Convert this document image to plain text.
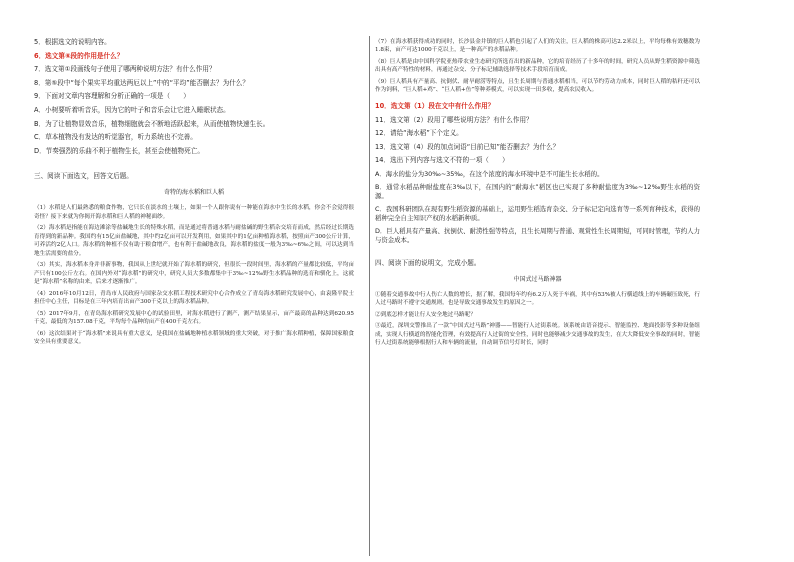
5．根据选文的说明内容。
6．选文第⑥段的作用是什么？
7．选文第①段画线句子使用了哪两种说明方法？有什么作用？
8．第⑤段中“每个果实平均重达两厄以上”中的“平均”能否删去？为什么？
9．下面对文章内容理解和分析正确的一项是（　　）
A．小树要听着听音乐，因为它的叶子和音乐会让它进入睡眠状态。
B．为了让植物显效音乐，植物细胞就会不断地活跃起来，从而使植物快速生长。
C．草本植物没有发达的听觉器官，听力系统也不完善。
D．节奏强烈的乐曲不利于植物生长，甚至会使植物死亡。
三、阅读下面选文，回答文后题。
奇特的海水稻和巨人稻

（1）水稻是人们最熟悉的粮食作物，它只长在淡水的土壤上，如果一个人跟你说有一种能在海水中生长的水稻，你会不会觉得很奇怪？接下来就为你揭开海水稻和巨人稻的神秘面纱。

（2）海水稻是指能在海边滩涂等盐碱地生长的特殊水稻，而是通过将普通水稻与耐盐碱的野生稻杂交培育而成，然后经过长期选育得到的新品种。我国约有15亿亩盐碱地，其中约2亿亩可以开发利用，如果其中的1亿亩种植海水稻，按照亩产300公斤计算，可养活约2亿人口。海水稻的种植不仅有助于粮食增产，也有利于盐碱地改良，海水稻的盐度一般为3‰~6‰之间，可以达到当地生活需要的盐分。

（3）其实，海水稻本身并非新事物，我国从上世纪就开始了海水稻的研究，但很长一段时间里，海水稻的产量都比较低，平均亩产只有100公斤左右。在国内外对“海水稻”的研究中，研究人员大多数都集中于3‰~12‰野生水稻品种的选育和驯化上，这就是“海水稻”名称的由来，后来才逐渐推广。

（4）2016年10月12日，青岛市人民政府与国家杂交水稻工程技术研究中心合作成立了青岛海水稻研究发展中心，由袁隆平院士担任中心主任，目标是在三年内培育出亩产300千克以上的海水稻品种。

（5）2017年9月，在青岛海水稻研究发展中心的试验田里，对海水稻进行了测产，测产结果显示，亩产最高的品种达到620.95千克，最低的为157.08千克，平均每个品种的亩产在400千克左右。

（6）这次结果对于“海水稻”来说具有重大意义，是我国在盐碱地种植水稻领域的重大突破，对于推广海水稻种植，保障国家粮食安全具有重要意义。

（7）在海水稻获得成功的同时，长沙县金井镇的巨人稻也引起了人们的关注，巨人稻的株高可达2.2米以上，平均每株有效穗数为1.8束，亩产可达1000千克以上，是一种高产的水稻品种。

（8）巨人稻是由中国科学院亚热带农业生态研究所选育出的新品种，它的培育经历了十多年的时间，研究人员从野生稻资源中筛选出具有高产特性的材料，再通过杂交、分子标记辅助选择等技术手段培育而成。

（9）巨人稻具有产量高、抗倒伏、耐旱耐涝等特点，且生长周期与普通水稻相当，可以节约劳动力成本，同时巨人稻的秸秆还可以作为饲料，“巨人稻+鸡”、“巨人稻+鱼”等种养模式，可以实现一田多收，提高农民收入。

10．选文第（1）段在文中有什么作用？
11．选文第（2）段用了哪些说明方法？有什么作用？
12．请给“海水稻”下个定义。
13．选文第（4）段的加点词语“目前已知”能否删去？为什么？
14．选出下列内容与选文不符的一项（　　）

A．海水的盐分为30‰~35‰，在这个浓度的海水环境中是不可能生长水稻的。

B．通常水稻品种耐盐度在3‰以下，在国内的“耐海水”稻区也已实现了多种耐盐度为3‰~12‰野生水稻的资源。

C．我国科研团队在现有野生稻资源的基础上，运用野生稻选育杂交、分子标记定向选育等一系列育种技术，获得的稻种完全自主知识产权的水稻新种质。

D．巨人稻具有产量高、抗倒伏、耐涝性强等特点，且生长周期与普通、观赏性生长周期短，可同时管理，节约人力与资金成本。

四、阅读下面的说明文，完成小题。
中国式过马路神器

①随着交通事故中行人伤亡人数的增长，据了解，我国每年约有6.2万人死于车祸，其中有53%被人行横道线上的车辆碾压致死，行人过马路时不遵守交通规则，也是导致交通事故发生的原因之一。

②到底怎样才能让行人安全地过马路呢？

③最近，深圳交警推出了一款“中国式过马路”神器——智能行人过街系统。该系统由语音提示、智能监控、地面投影等多种设备组成，实现人行横道的智能化管理，有效提高行人过街的安全性，同时也能够减少交通事故的发生，在大大降低安全事故的同时，智能行人过街系统能够根据行人和车辆的流量，自动调节信号灯时长，同时
